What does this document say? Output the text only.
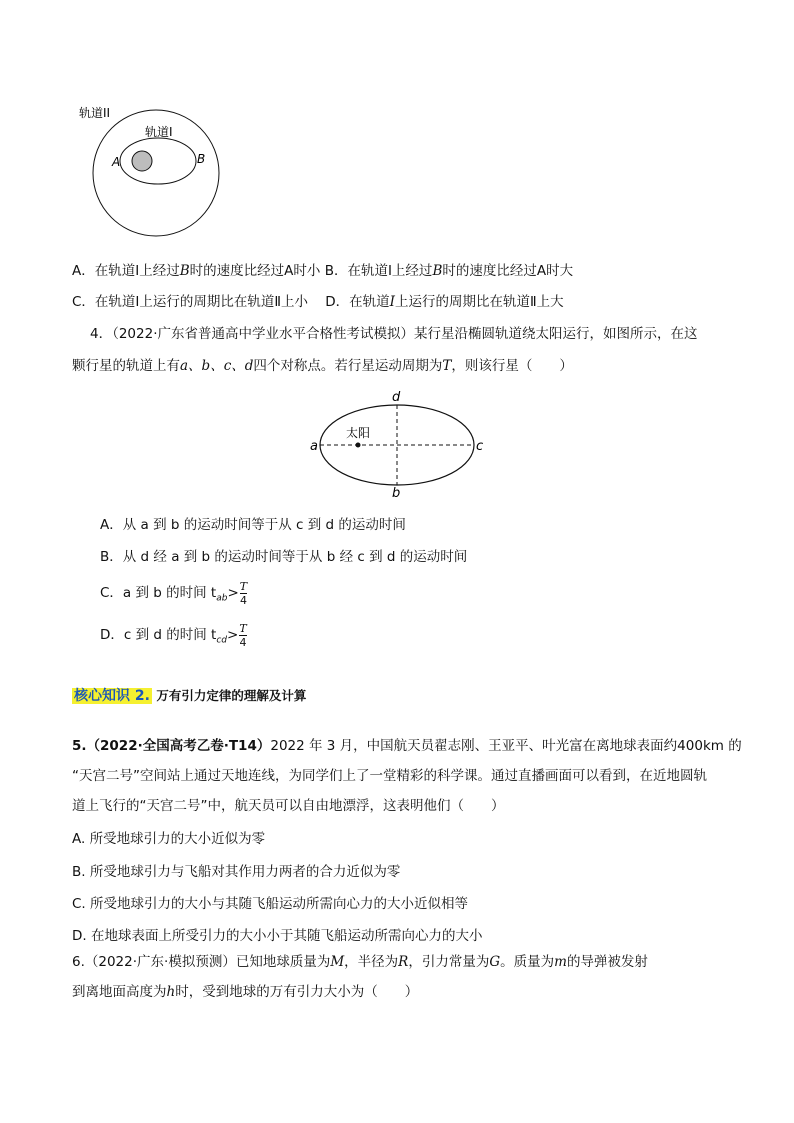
轨道II
轨道I
A	B
A．在轨道Ⅰ上经过B时的速度比经过A时小 B．在轨道Ⅰ上经过B时的速度比经过A时大
C．在轨道Ⅰ上运行的周期比在轨道Ⅱ上小 D．在轨道I上运行的周期比在轨道Ⅱ上大
4．（2022·广东省普通高中学业水平合格性考试模拟）某行星沿椭圆轨道绕太阳运行，如图所示，在这
颗行星的轨道上有a、b、c、d四个对称点。若行星运动周期为T，则该行星（　　）
太阳
a	c
d
b
A．从 a 到 b 的运动时间等于从 c 到 d 的运动时间
B．从 d 经 a 到 b 的运动时间等于从 b 经 c 到 d 的运动时间
C．a 到 b 的时间 $t_{ab}> \frac{T}{4}$
D．c 到 d 的时间 $t_{cd}> \frac{T}{4}$
核心知识 2. 万有引力定律的理解及计算
5.（2022·全国高考乙卷·T14）2022 年 3 月，中国航天员翟志刚、王亚平、叶光富在离地球表面约400km 的
“天宫二号”空间站上通过天地连线，为同学们上了一堂精彩的科学课。通过直播画面可以看到，在近地圆轨
道上飞行的“天宫二号”中，航天员可以自由地漂浮，这表明他们（　　）
A. 所受地球引力的大小近似为零
B. 所受地球引力与飞船对其作用力两者的合力近似为零
C. 所受地球引力的大小与其随飞船运动所需向心力的大小近似相等
D. 在地球表面上所受引力的大小小于其随飞船运动所需向心力的大小
6.（2022·广东·模拟预测）已知地球质量为M，半径为R，引力常量为G。质量为m的导弹被发射
到离地面高度为h时，受到地球的万有引力大小为（　　）
